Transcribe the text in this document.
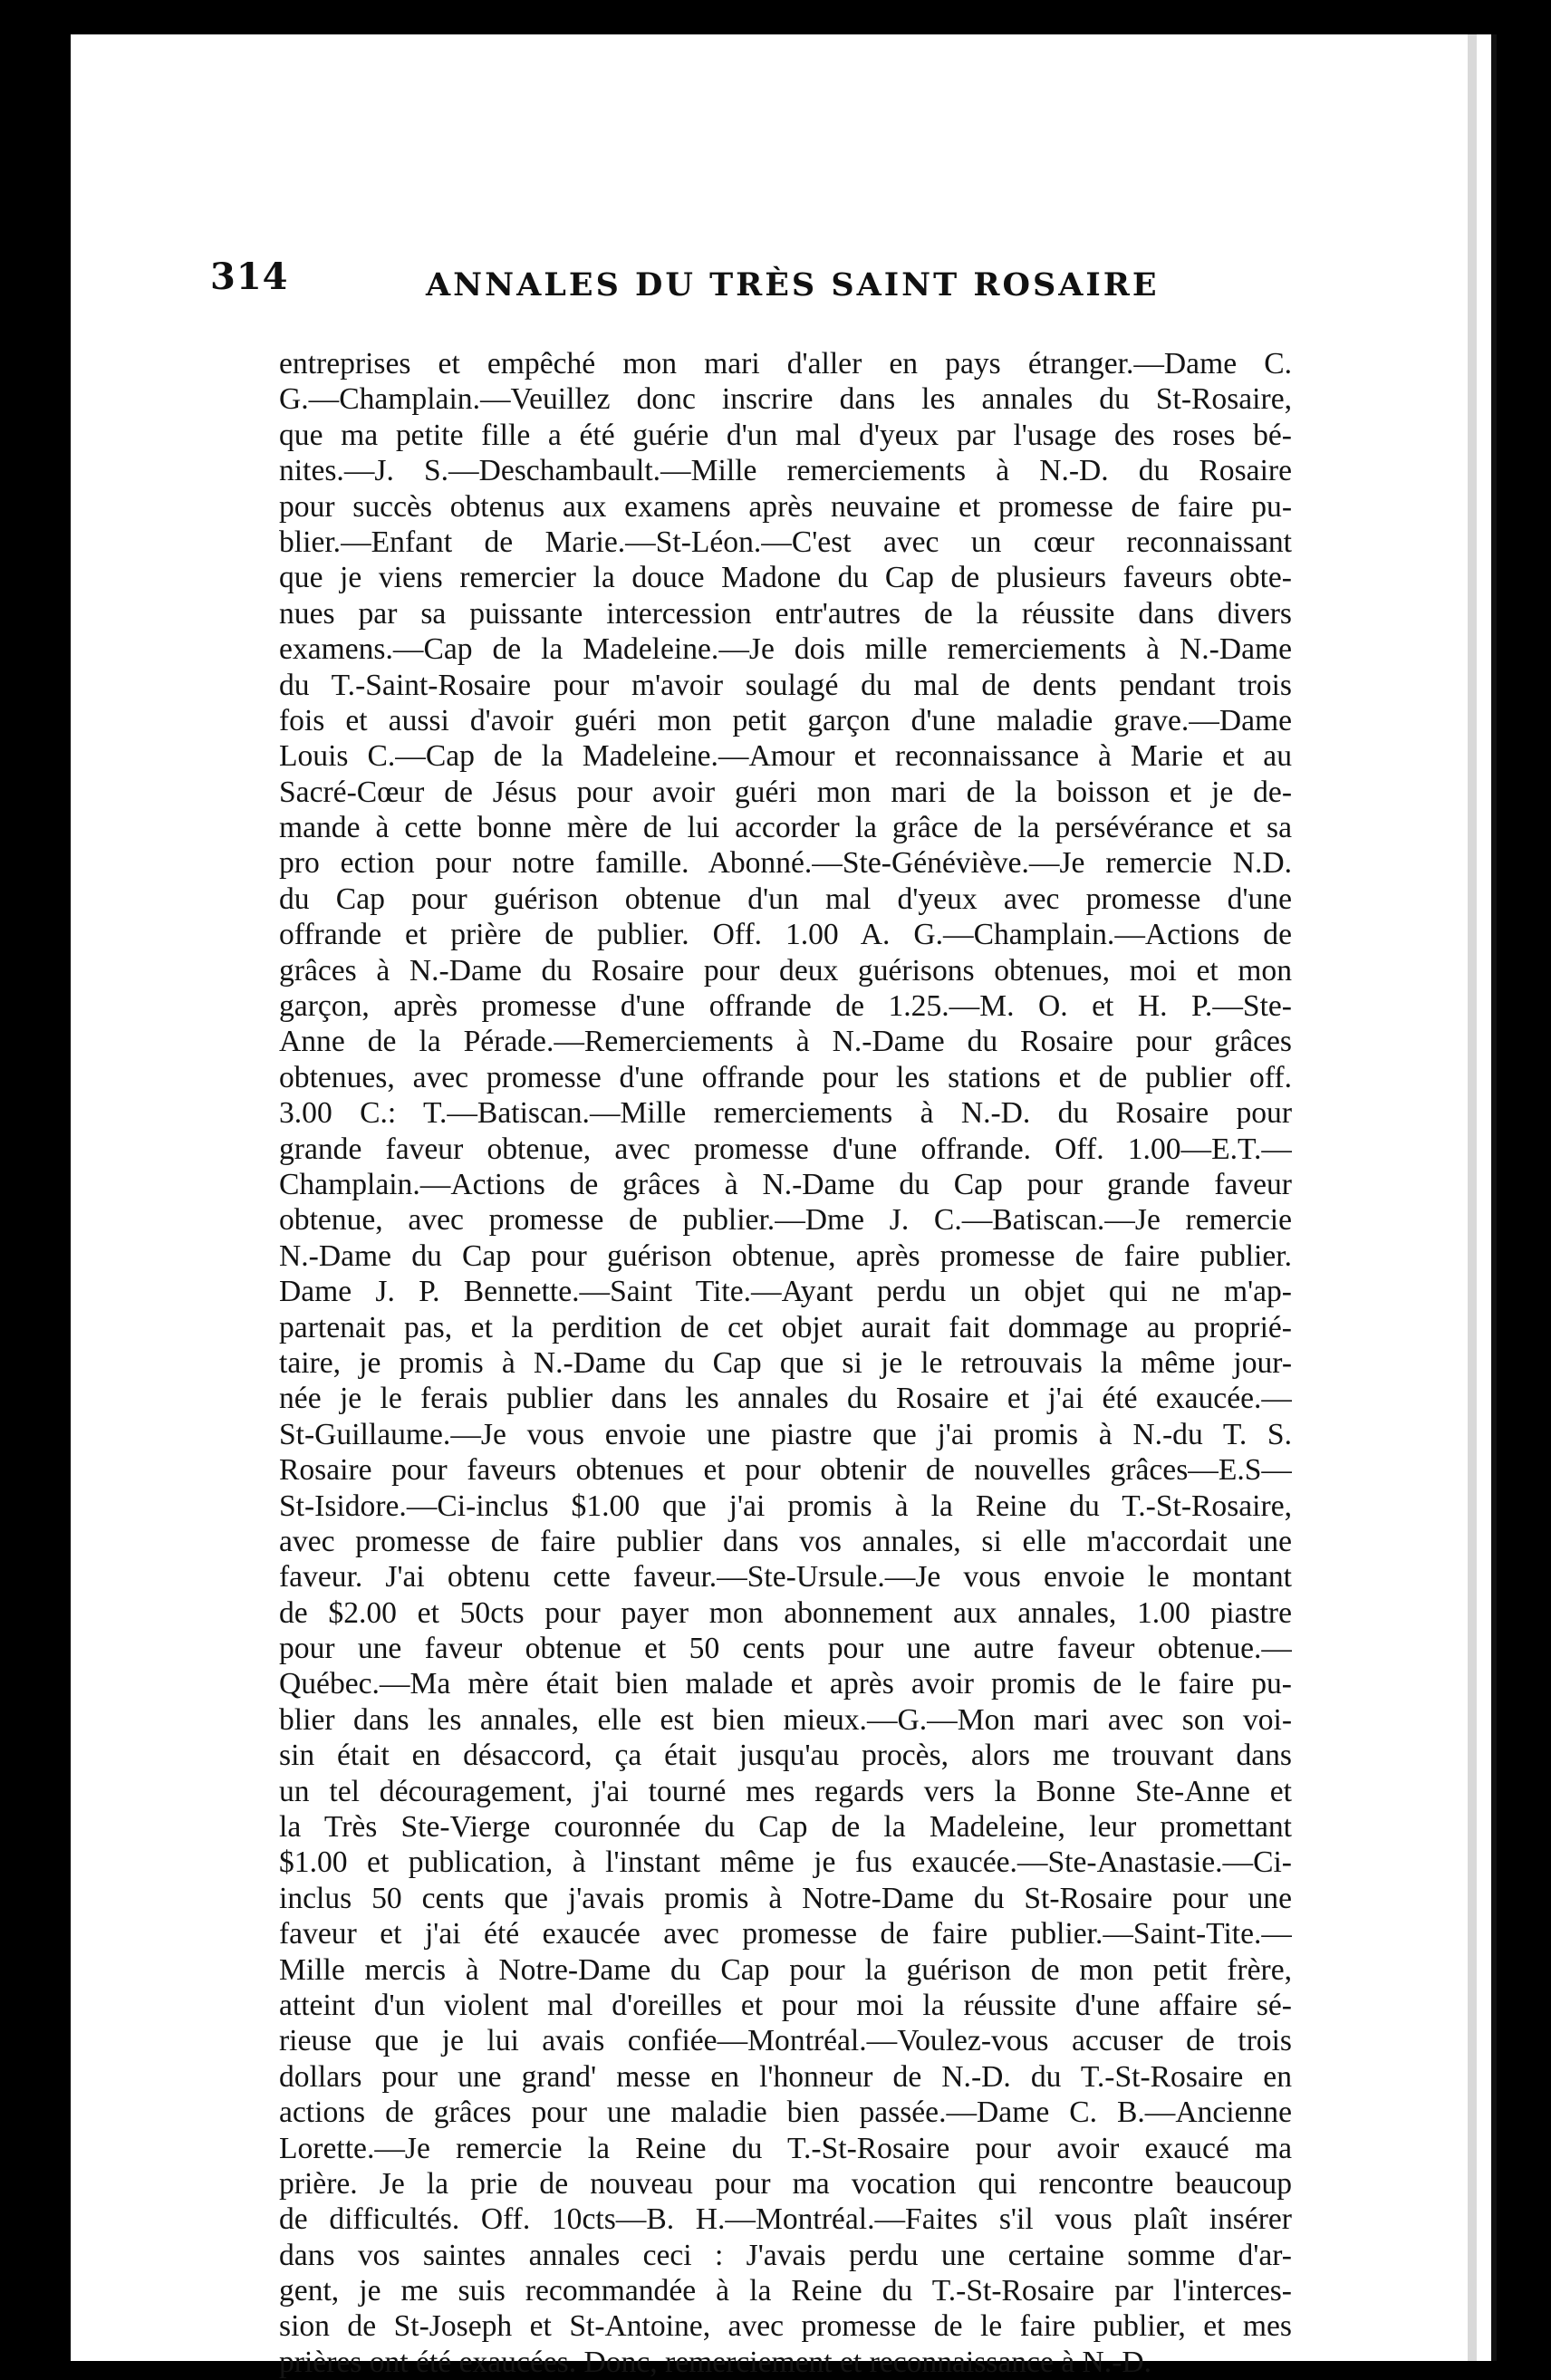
314	ANNALES DU TRÈS SAINT ROSAIRE
entreprises et empêché mon mari d'aller en pays étranger.—Dame C.
G.—Champlain.—Veuillez donc inscrire dans les annales du St-Rosaire,
que ma petite fille a été guérie d'un mal d'yeux par l'usage des roses bé-
nites.—J. S.—Deschambault.—Mille remerciements à N.-D. du Rosaire
pour succès obtenus aux examens après neuvaine et promesse de faire pu-
blier.—Enfant de Marie.—St-Léon.—C'est avec un cœur reconnaissant
que je viens remercier la douce Madone du Cap de plusieurs faveurs obte-
nues par sa puissante intercession entr'autres de la réussite dans divers
examens.—Cap de la Madeleine.—Je dois mille remerciements à N.-Dame
du T.-Saint-Rosaire pour m'avoir soulagé du mal de dents pendant trois
fois et aussi d'avoir guéri mon petit garçon d'une maladie grave.—Dame
Louis C.—Cap de la Madeleine.—Amour et reconnaissance à Marie et au
Sacré-Cœur de Jésus pour avoir guéri mon mari de la boisson et je de-
mande à cette bonne mère de lui accorder la grâce de la persévérance et sa
pro ection pour notre famille. Abonné.—Ste-Généviève.—Je remercie N.D.
du Cap pour guérison obtenue d'un mal d'yeux avec promesse d'une
offrande et prière de publier. Off. 1.00 A. G.—Champlain.—Actions de
grâces à N.-Dame du Rosaire pour deux guérisons obtenues, moi et mon
garçon, après promesse d'une offrande de 1.25.—M. O. et H. P.—Ste-
Anne de la Pérade.—Remerciements à N.-Dame du Rosaire pour grâces
obtenues, avec promesse d'une offrande pour les stations et de publier off.
3.00 C.: T.—Batiscan.—Mille remerciements à N.-D. du Rosaire pour
grande faveur obtenue, avec promesse d'une offrande. Off. 1.00—E.T.—
Champlain.—Actions de grâces à N.-Dame du Cap pour grande faveur
obtenue, avec promesse de publier.—Dme J. C.—Batiscan.—Je remercie
N.-Dame du Cap pour guérison obtenue, après promesse de faire publier.
Dame J. P. Bennette.—Saint Tite.—Ayant perdu un objet qui ne m'ap-
partenait pas, et la perdition de cet objet aurait fait dommage au proprié-
taire, je promis à N.-Dame du Cap que si je le retrouvais la même jour-
née je le ferais publier dans les annales du Rosaire et j'ai été exaucée.—
St-Guillaume.—Je vous envoie une piastre que j'ai promis à N.-du T. S.
Rosaire pour faveurs obtenues et pour obtenir de nouvelles grâces—E.S—
St-Isidore.—Ci-inclus $1.00 que j'ai promis à la Reine du T.-St-Rosaire,
avec promesse de faire publier dans vos annales, si elle m'accordait une
faveur. J'ai obtenu cette faveur.—Ste-Ursule.—Je vous envoie le montant
de $2.00 et 50cts pour payer mon abonnement aux annales, 1.00 piastre
pour une faveur obtenue et 50 cents pour une autre faveur obtenue.—
Québec.—Ma mère était bien malade et après avoir promis de le faire pu-
blier dans les annales, elle est bien mieux.—G.—Mon mari avec son voi-
sin était en désaccord, ça était jusqu'au procès, alors me trouvant dans
un tel découragement, j'ai tourné mes regards vers la Bonne Ste-Anne et
la Très Ste-Vierge couronnée du Cap de la Madeleine, leur promettant
$1.00 et publication, à l'instant même je fus exaucée.—Ste-Anastasie.—Ci-
inclus 50 cents que j'avais promis à Notre-Dame du St-Rosaire pour une
faveur et j'ai été exaucée avec promesse de faire publier.—Saint-Tite.—
Mille mercis à Notre-Dame du Cap pour la guérison de mon petit frère,
atteint d'un violent mal d'oreilles et pour moi la réussite d'une affaire sé-
rieuse que je lui avais confiée—Montréal.—Voulez-vous accuser de trois
dollars pour une grand' messe en l'honneur de N.-D. du T.-St-Rosaire en
actions de grâces pour une maladie bien passée.—Dame C. B.—Ancienne
Lorette.—Je remercie la Reine du T.-St-Rosaire pour avoir exaucé ma
prière. Je la prie de nouveau pour ma vocation qui rencontre beaucoup
de difficultés. Off. 10cts—B. H.—Montréal.—Faites s'il vous plaît insérer
dans vos saintes annales ceci : J'avais perdu une certaine somme d'ar-
gent, je me suis recommandée à la Reine du T.-St-Rosaire par l'interces-
sion de St-Joseph et St-Antoine, avec promesse de le faire publier, et mes
prières ont été exaucées. Donc, remerciement et reconnaissance à N.-D.
